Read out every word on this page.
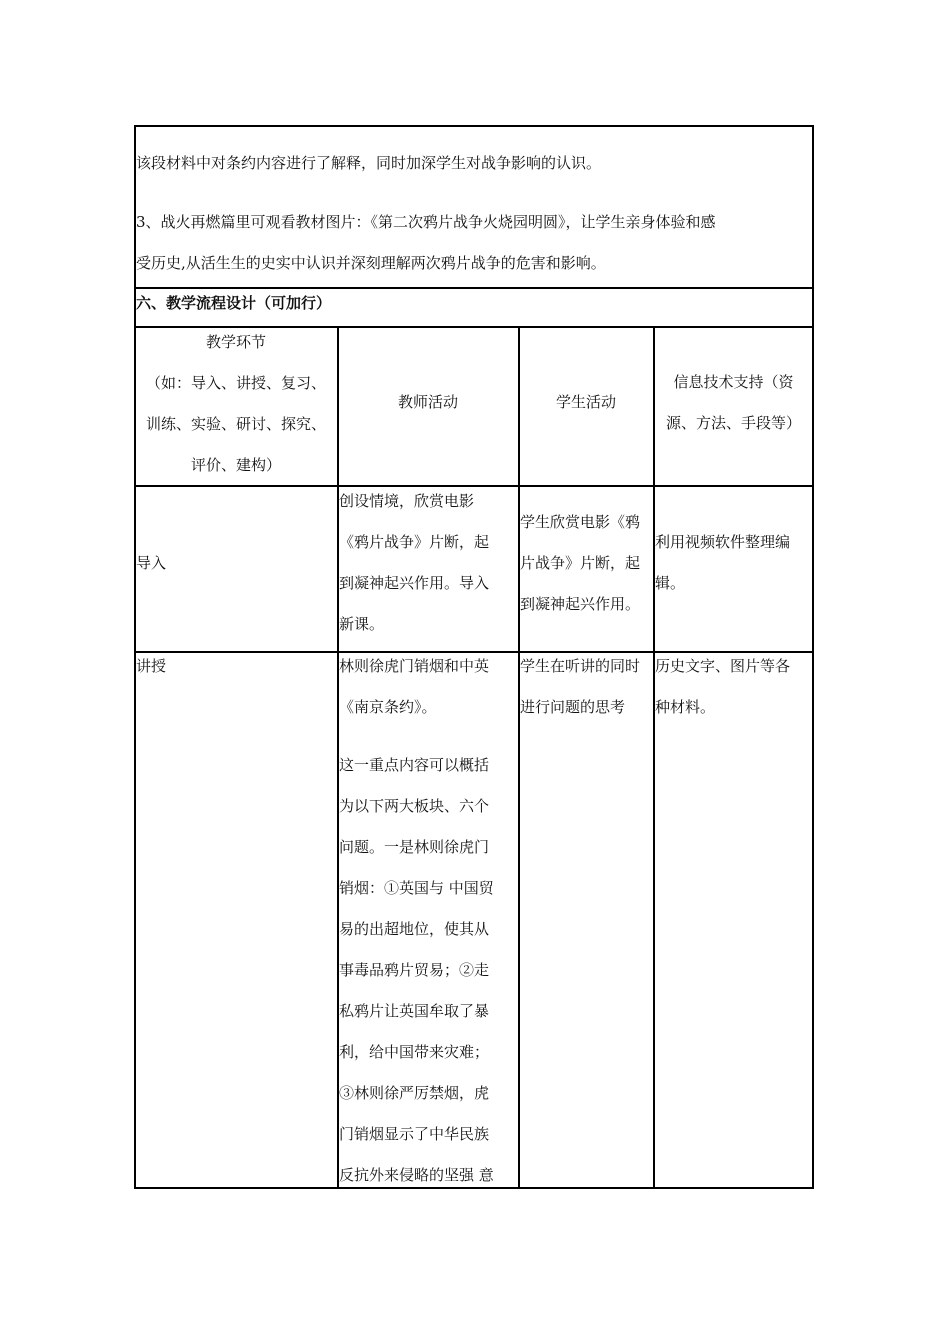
该段材料中对条约内容进行了解释，同时加深学生对战争影响的认识。
3、战火再燃篇里可观看教材图片：《第二次鸦片战争火烧园明圆》，让学生亲身体验和感
受历史,从活生生的史实中认识并深刻理解两次鸦片战争的危害和影响。
六、教学流程设计（可加行）
教学环节
（如：导入、讲授、复习、
训练、实验、研讨、探究、
评价、建构）
教师活动	学生活动
信息技术支持（资
源、方法、手段等）
导入
创设情境，欣赏电影
《鸦片战争》片断，起
到凝神起兴作用。导入
新课。
学生欣赏电影《鸦
片战争》片断，起
到凝神起兴作用。
利用视频软件整理编
辑。
讲授	林则徐虎门销烟和中英
《南京条约》。
这一重点内容可以概括
为以下两大板块、六个
问题。一是林则徐虎门
销烟：①英国与 中国贸
易的出超地位，使其从
事毒品鸦片贸易；②走
私鸦片让英国牟取了暴
利，给中国带来灾难；
③林则徐严厉禁烟，虎
门销烟显示了中华民族
反抗外来侵略的坚强 意
学生在听讲的同时
进行问题的思考
历史文字、图片等各
种材料。
